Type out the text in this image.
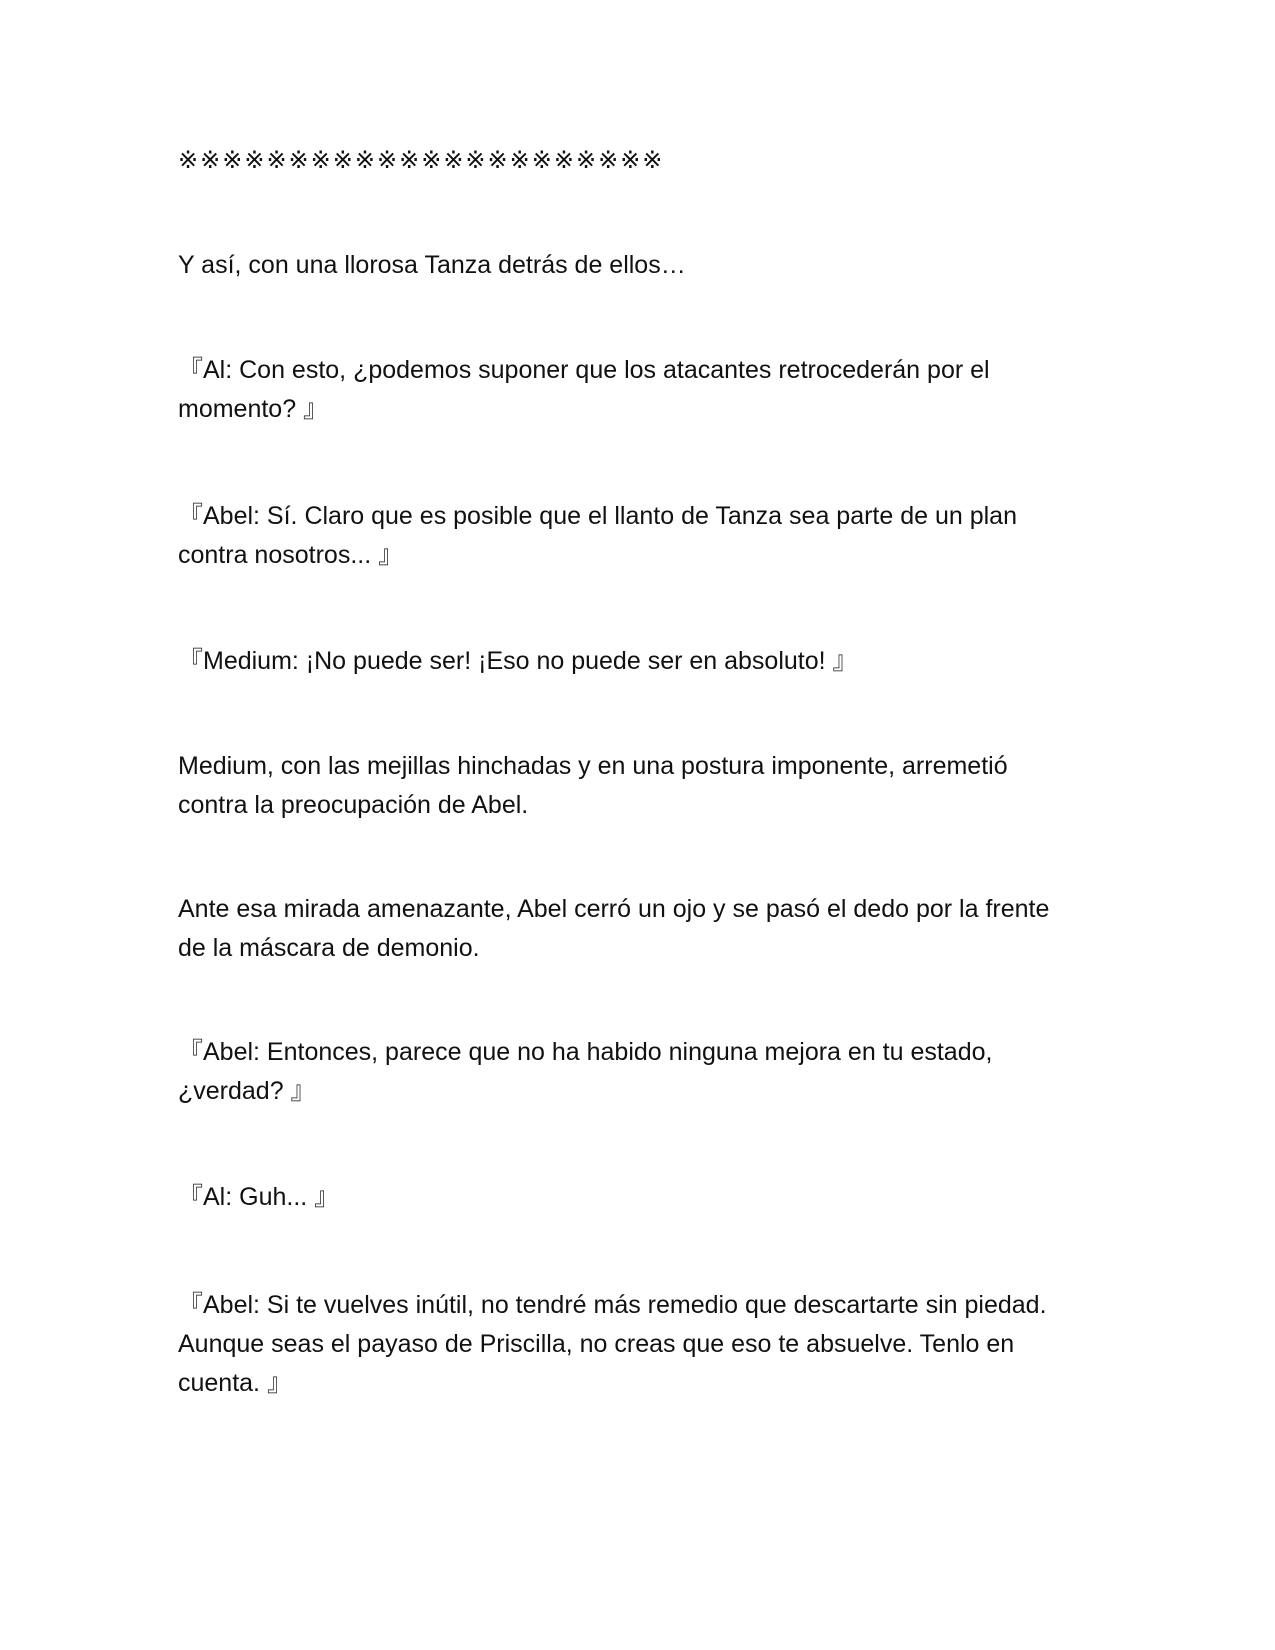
※※※※※※※※※※※※※※※※※※※※※※

Y así, con una llorosa Tanza detrás de ellos…

『Al: Con esto, ¿podemos suponer que los atacantes retrocederán por el momento? 』

『Abel: Sí. Claro que es posible que el llanto de Tanza sea parte de un plan contra nosotros... 』

『Medium: ¡No puede ser! ¡Eso no puede ser en absoluto! 』

Medium, con las mejillas hinchadas y en una postura imponente, arremetió contra la preocupación de Abel.

Ante esa mirada amenazante, Abel cerró un ojo y se pasó el dedo por la frente de la máscara de demonio.

『Abel: Entonces, parece que no ha habido ninguna mejora en tu estado, ¿verdad? 』

『Al: Guh... 』

『Abel: Si te vuelves inútil, no tendré más remedio que descartarte sin piedad. Aunque seas el payaso de Priscilla, no creas que eso te absuelve. Tenlo en cuenta. 』
